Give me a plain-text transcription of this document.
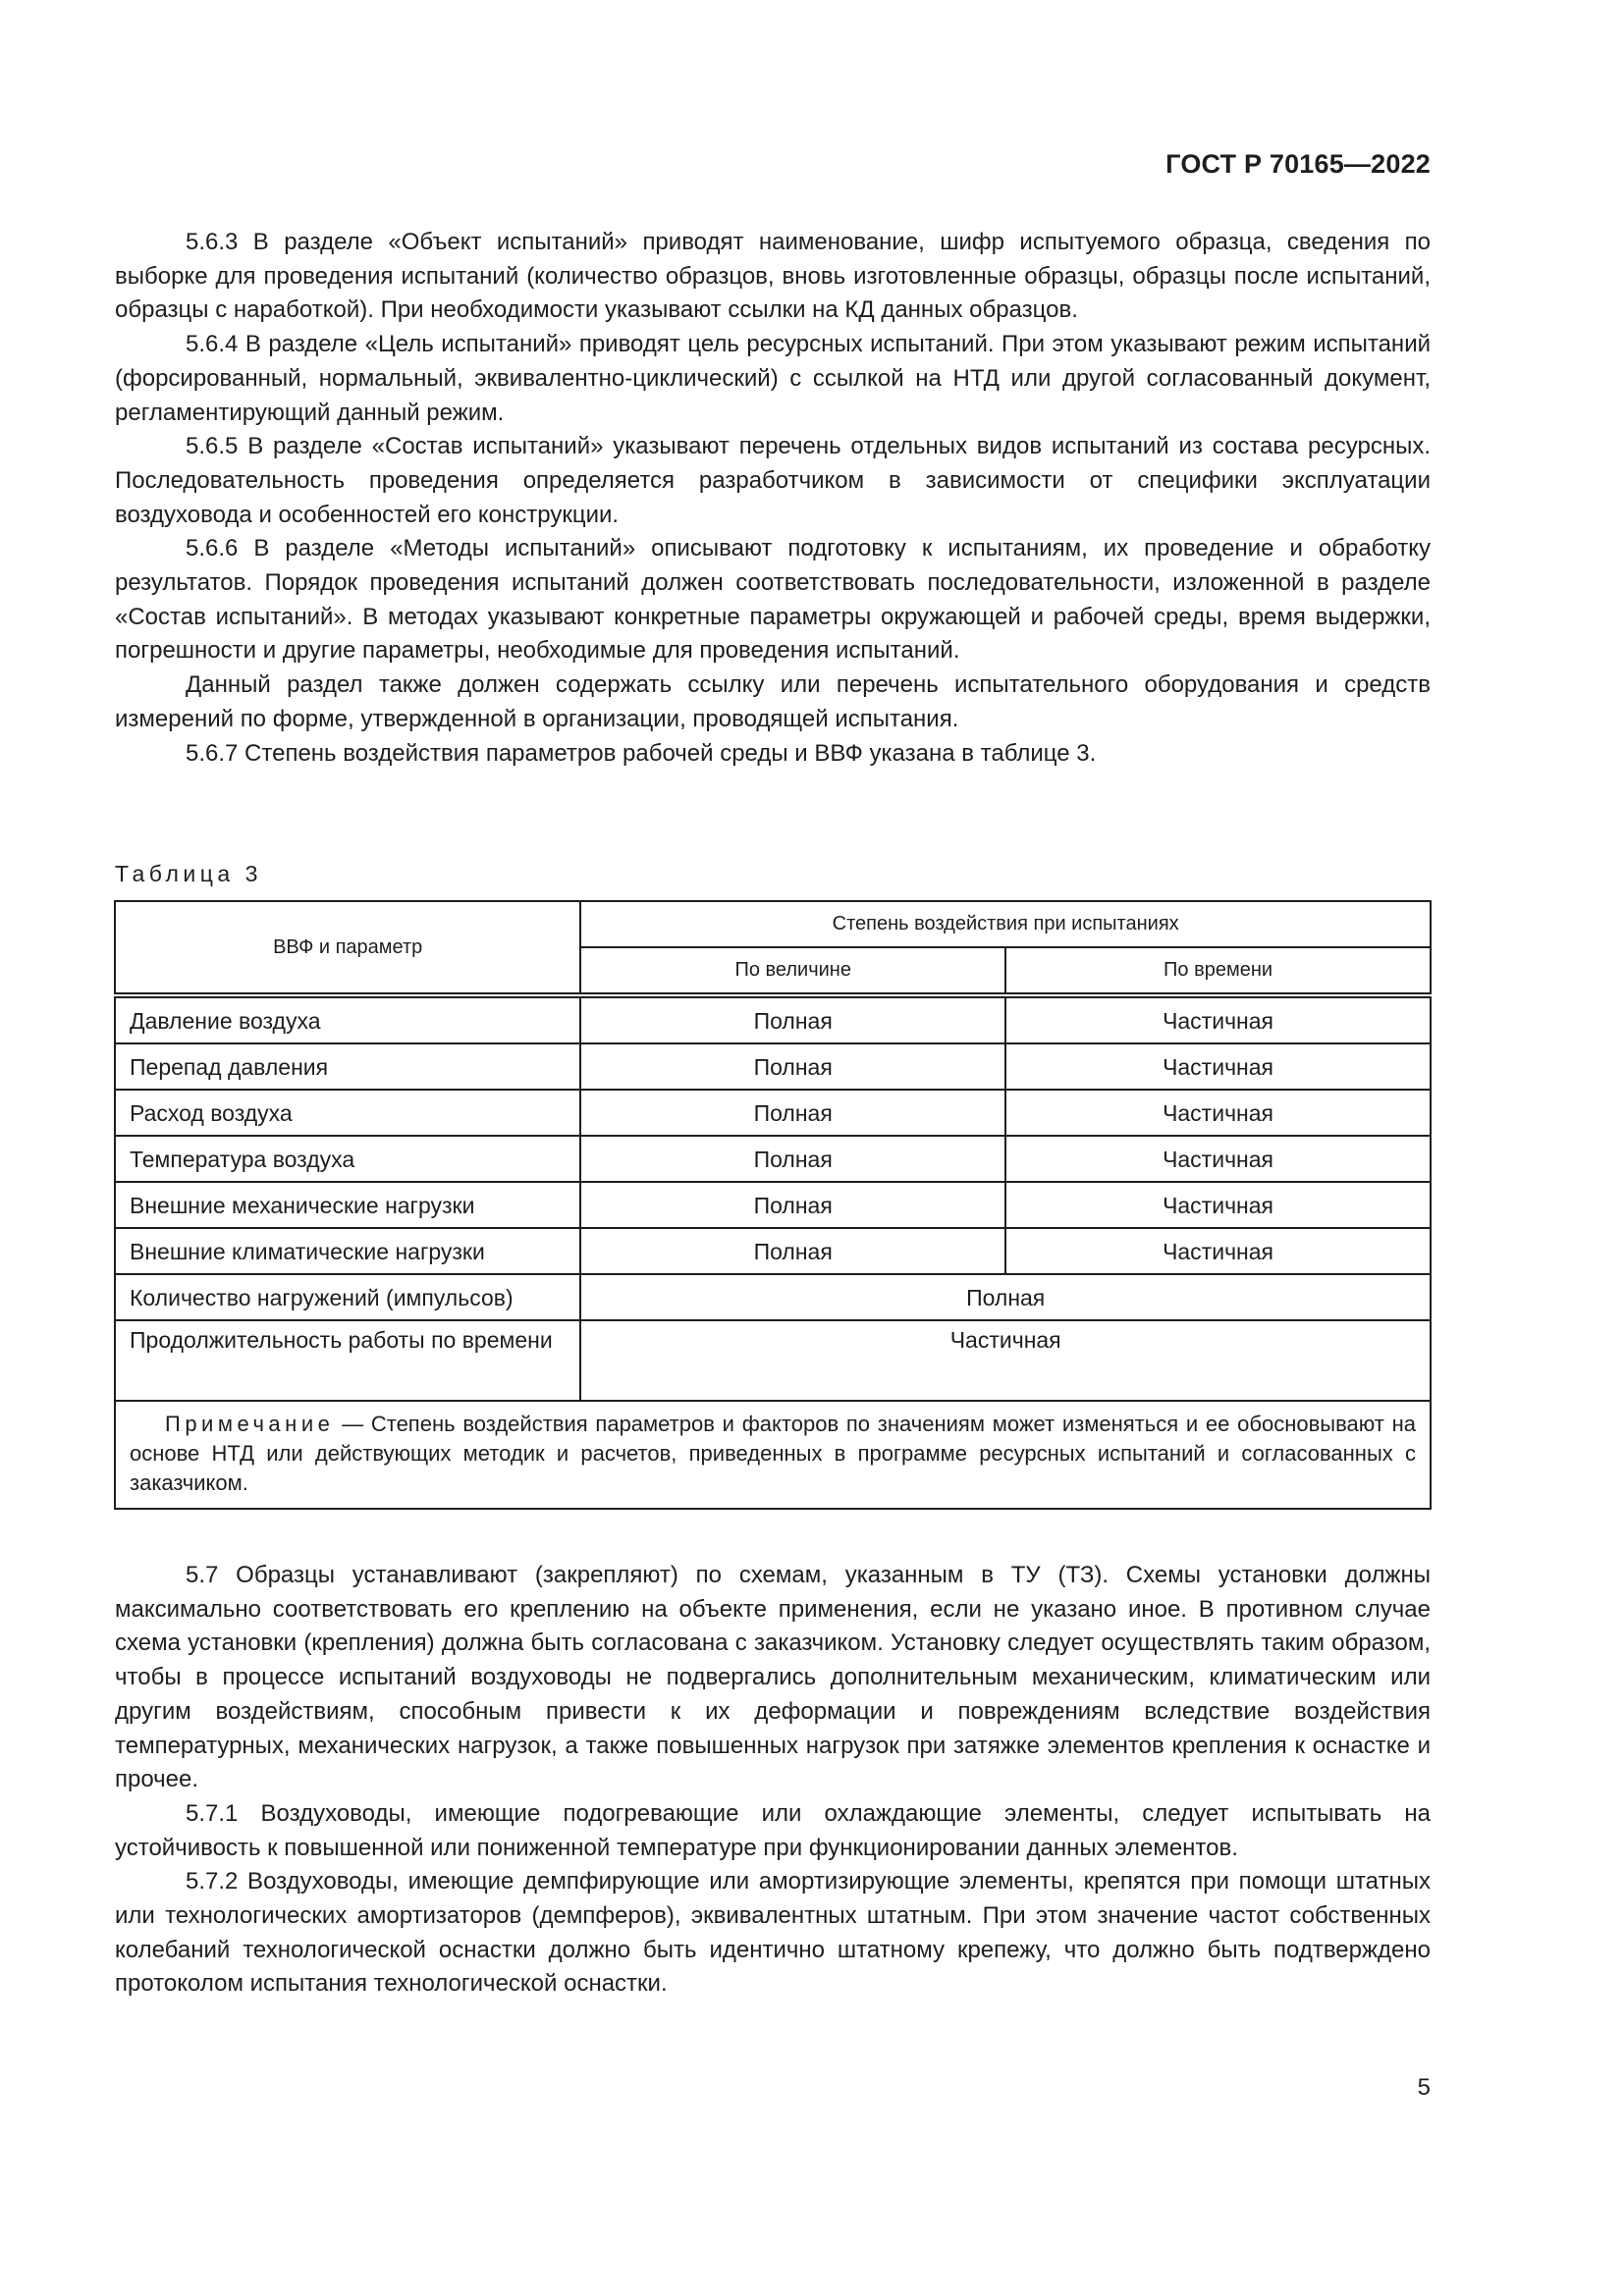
ГОСТ Р 70165—2022

5.6.3 В разделе «Объект испытаний» приводят наименование, шифр испытуемого образца, сведения по выборке для проведения испытаний (количество образцов, вновь изготовленные образцы, образцы после испытаний, образцы с наработкой). При необходимости указывают ссылки на КД данных образцов.

5.6.4 В разделе «Цель испытаний» приводят цель ресурсных испытаний. При этом указывают режим испытаний (форсированный, нормальный, эквивалентно-циклический) с ссылкой на НТД или другой согласованный документ, регламентирующий данный режим.

5.6.5 В разделе «Состав испытаний» указывают перечень отдельных видов испытаний из состава ресурсных. Последовательность проведения определяется разработчиком в зависимости от специфики эксплуатации воздуховода и особенностей его конструкции.

5.6.6 В разделе «Методы испытаний» описывают подготовку к испытаниям, их проведение и обработку результатов. Порядок проведения испытаний должен соответствовать последовательности, изложенной в разделе «Состав испытаний». В методах указывают конкретные параметры окружающей и рабочей среды, время выдержки, погрешности и другие параметры, необходимые для проведения испытаний.

Данный раздел также должен содержать ссылку или перечень испытательного оборудования и средств измерений по форме, утвержденной в организации, проводящей испытания.

5.6.7 Степень воздействия параметров рабочей среды и ВВФ указана в таблице 3.

Таблица 3
ВВФ и параметр	Степень воздействия при испытаниях	
	По величине	По времени
Давление воздуха	Полная	Частичная
Перепад давления	Полная	Частичная
Расход воздуха	Полная	Частичная
Температура воздуха	Полная	Частичная
Внешние механические нагрузки	Полная	Частичная
Внешние климатические нагрузки	Полная	Частичная
Количество нагружений (импульсов)	Полная	
Продолжительность работы по времени	Частичная	
Примечание — Степень воздействия параметров и факторов по значениям может изменяться и ее обосновывают на основе НТД или действующих методик и расчетов, приведенных в программе ресурсных испытаний и согласованных с заказчиком.		

5.7 Образцы устанавливают (закрепляют) по схемам, указанным в ТУ (ТЗ). Схемы установки должны максимально соответствовать его креплению на объекте применения, если не указано иное. В противном случае схема установки (крепления) должна быть согласована с заказчиком. Установку следует осуществлять таким образом, чтобы в процессе испытаний воздуховоды не подвергались дополнительным механическим, климатическим или другим воздействиям, способным привести к их деформации и повреждениям вследствие воздействия температурных, механических нагрузок, а также повышенных нагрузок при затяжке элементов крепления к оснастке и прочее.

5.7.1 Воздуховоды, имеющие подогревающие или охлаждающие элементы, следует испытывать на устойчивость к повышенной или пониженной температуре при функционировании данных элементов.

5.7.2 Воздуховоды, имеющие демпфирующие или амортизирующие элементы, крепятся при помощи штатных или технологических амортизаторов (демпферов), эквивалентных штатным. При этом значение частот собственных колебаний технологической оснастки должно быть идентично штатному крепежу, что должно быть подтверждено протоколом испытания технологической оснастки.

5
